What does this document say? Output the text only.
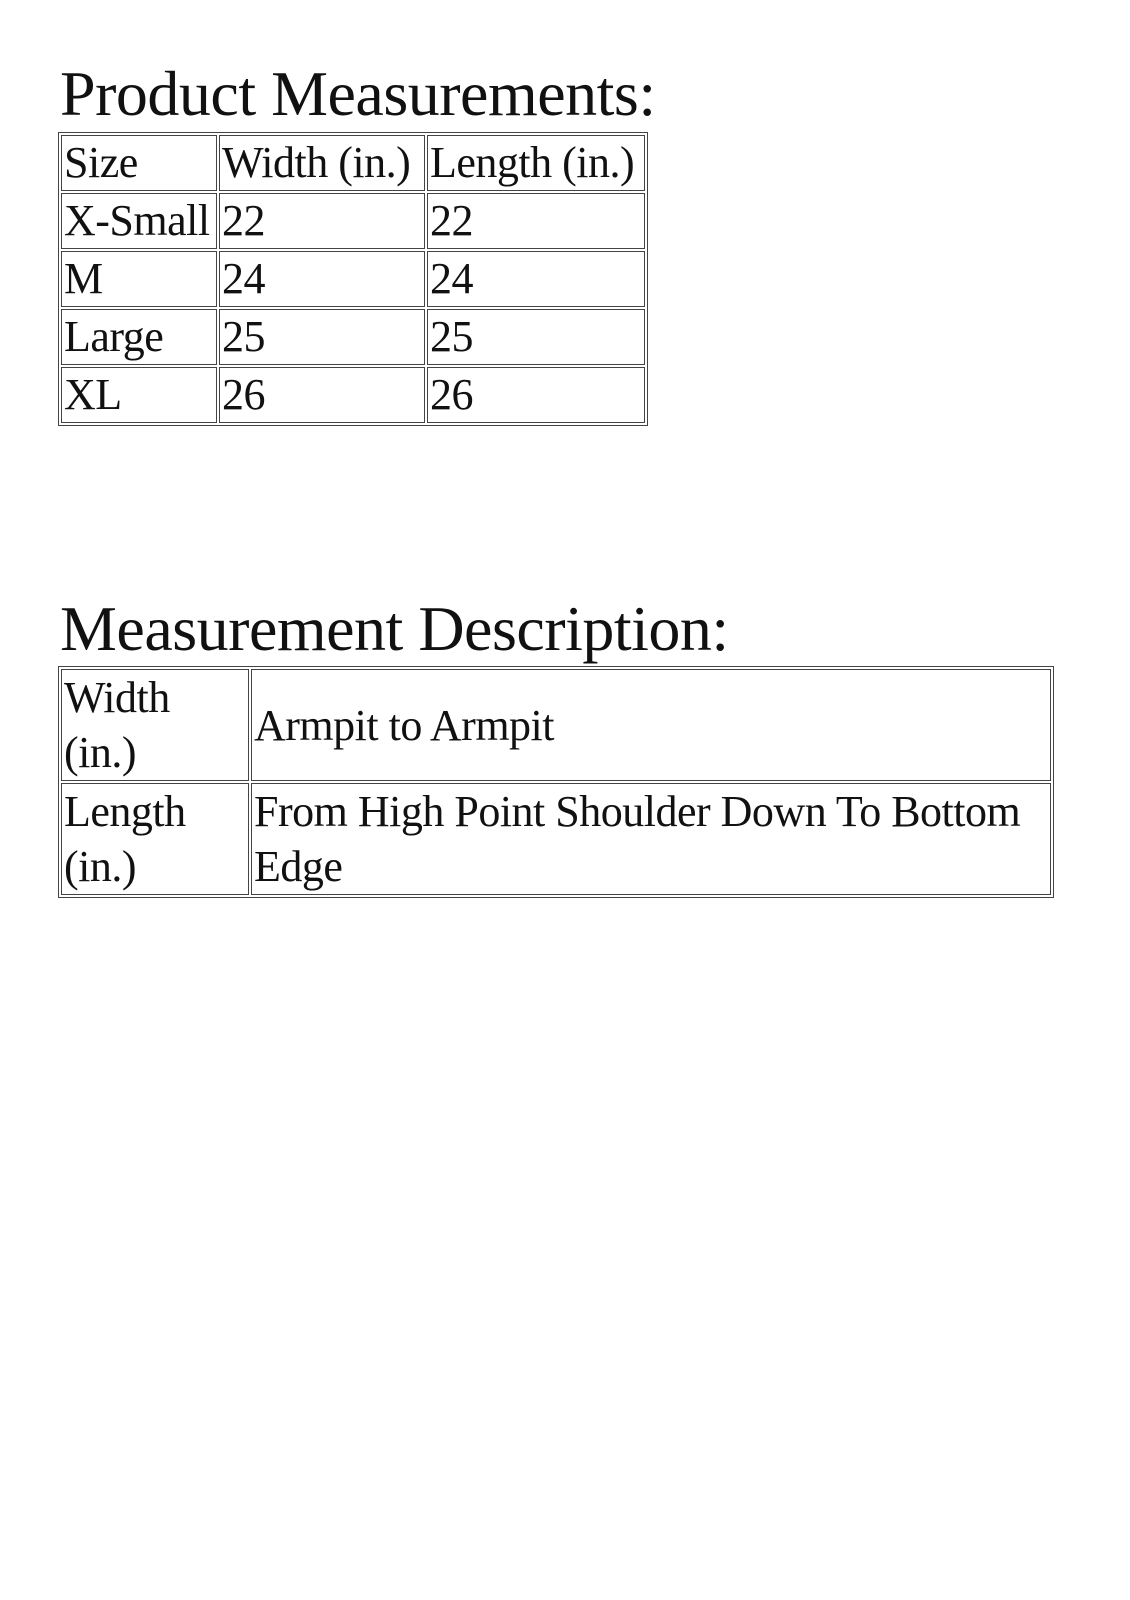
Product Measurements:
Size	Width (in.)	Length (in.)
X-Small	22	22
M	24	24
Large	25	25
XL	26	26
Measurement Description:
Width (in.)	Armpit to Armpit
Length (in.)	From High Point Shoulder Down To Bottom Edge
